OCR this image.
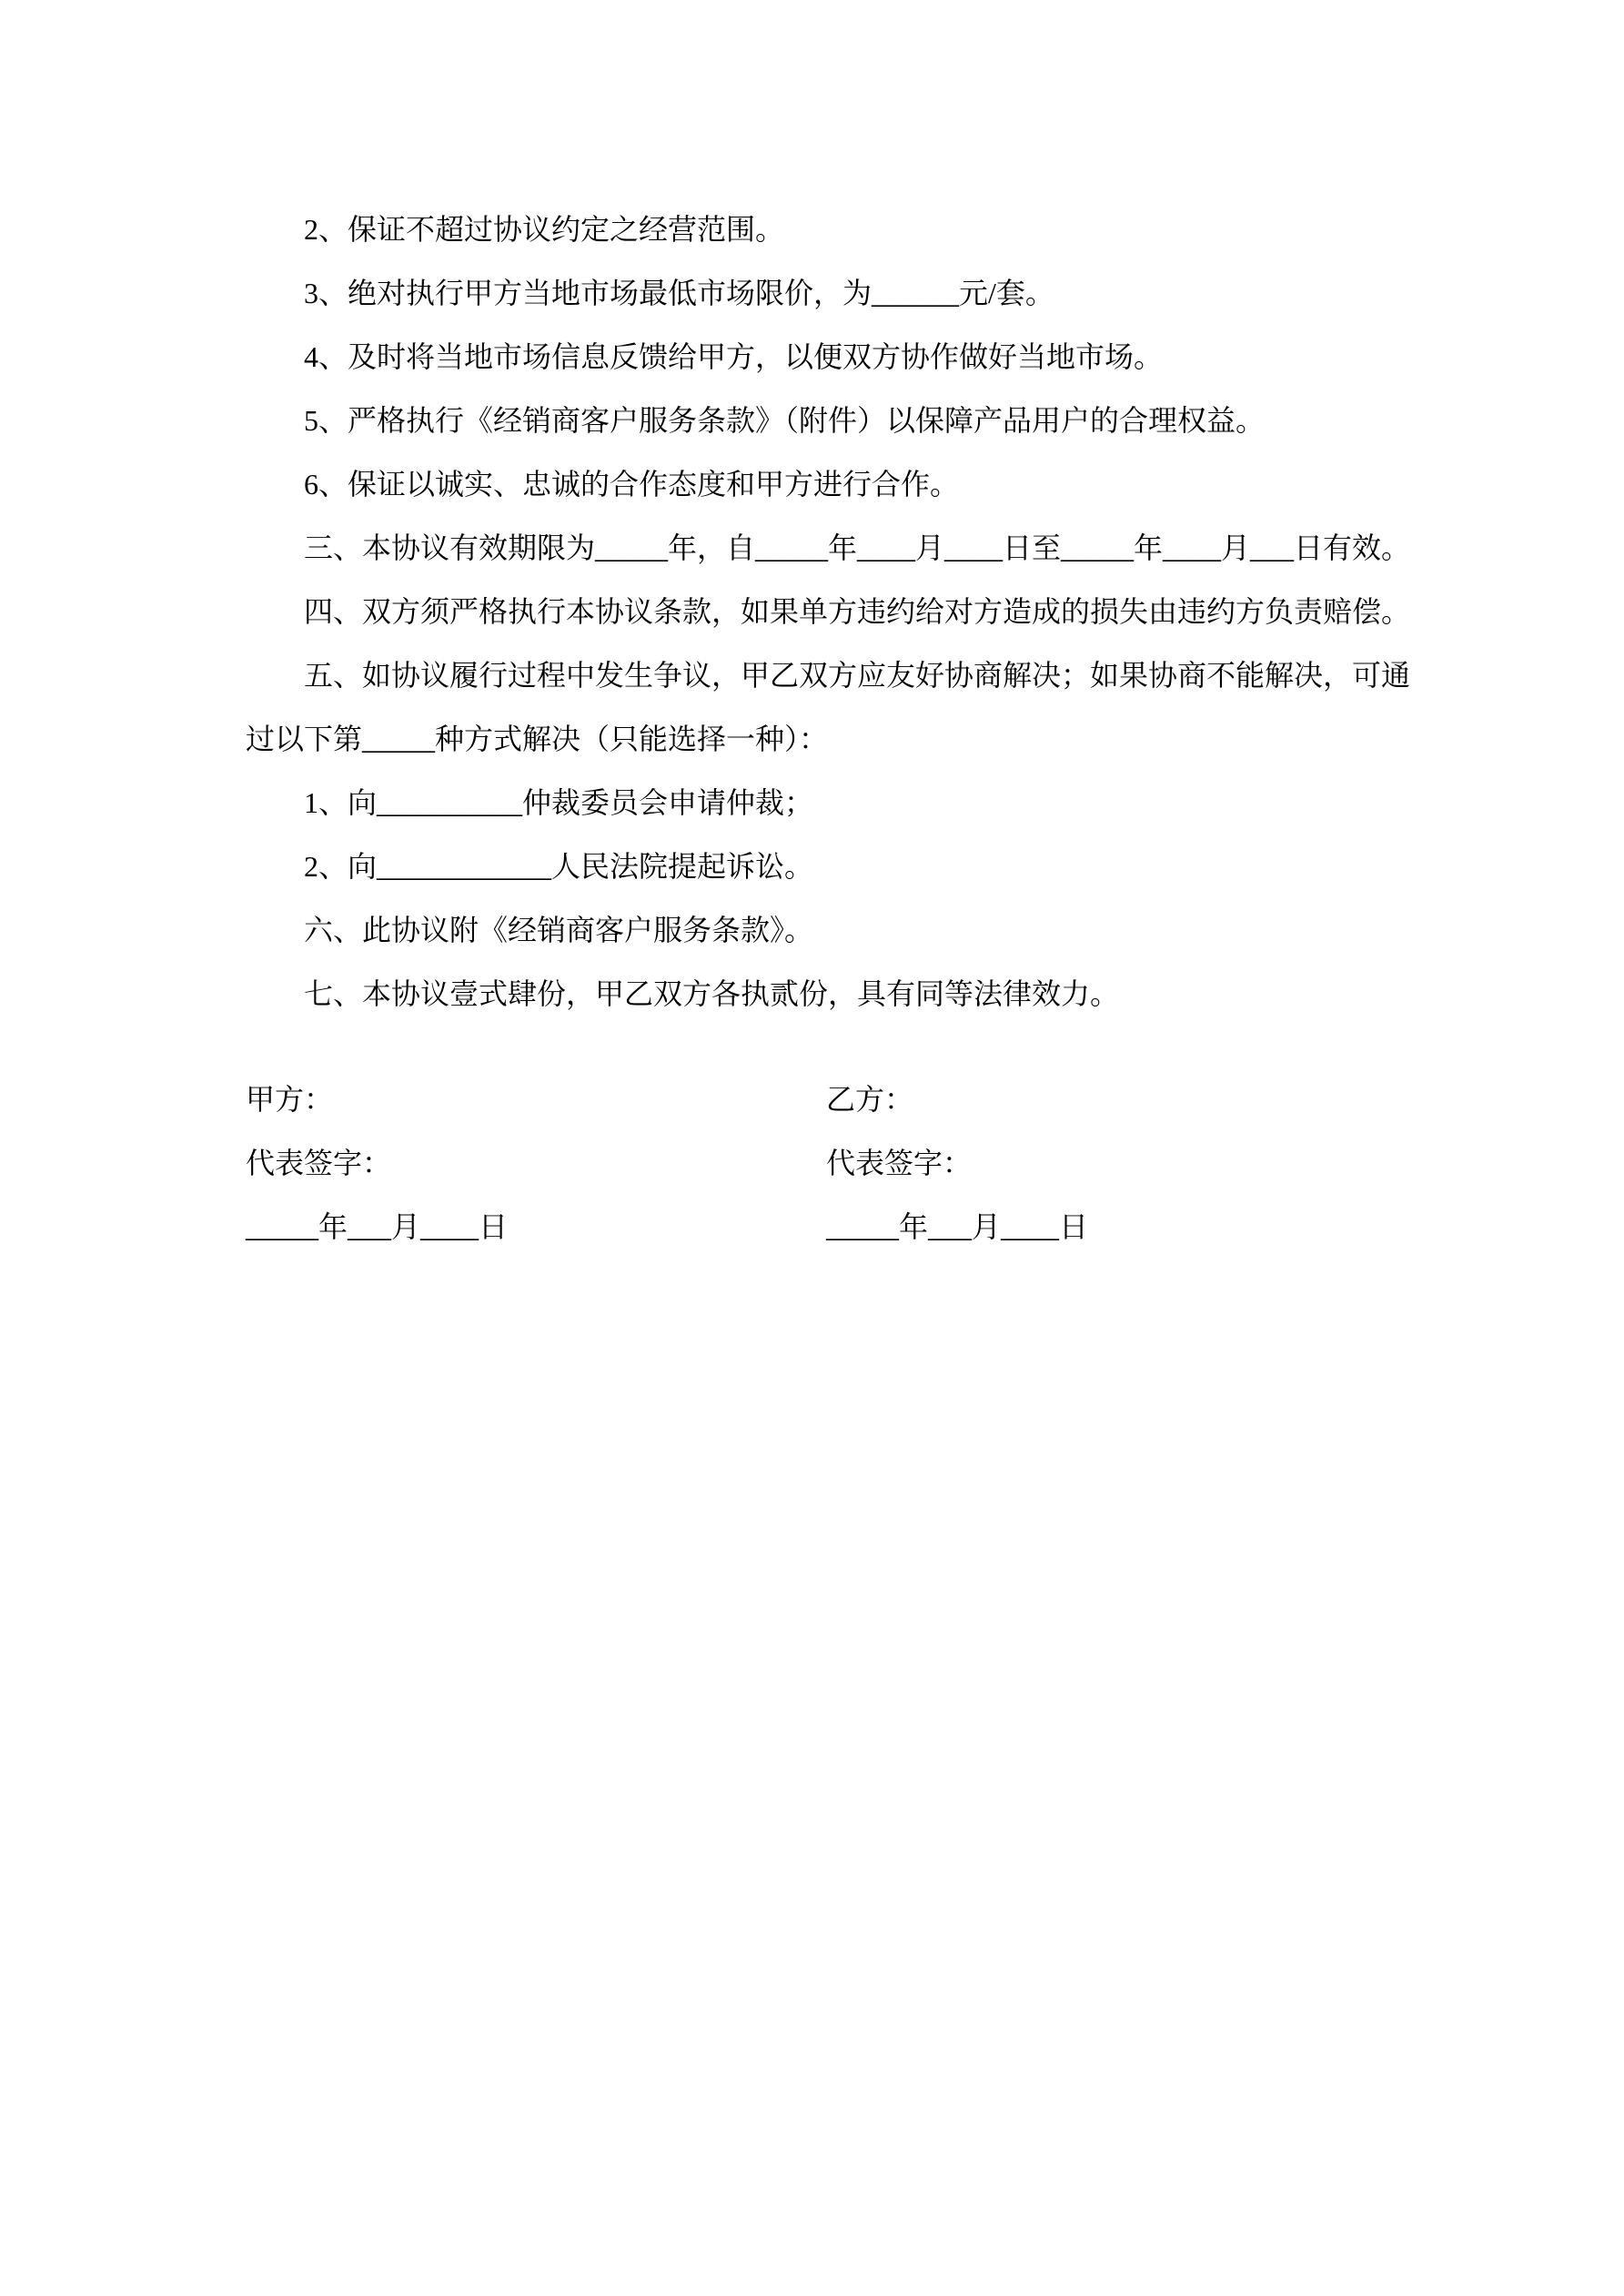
2、保证不超过协议约定之经营范围。

3、绝对执行甲方当地市场最低市场限价，为______元/套。

4、及时将当地市场信息反馈给甲方，以便双方协作做好当地市场。

5、严格执行《经销商客户服务条款》（附件）以保障产品用户的合理权益。

6、保证以诚实、忠诚的合作态度和甲方进行合作。

三、本协议有效期限为_____年，自_____年____月____日至_____年____月___日有效。

四、双方须严格执行本协议条款，如果单方违约给对方造成的损失由违约方负责赔偿。

五、如协议履行过程中发生争议，甲乙双方应友好协商解决；如果协商不能解决，可通

过以下第_____种方式解决（只能选择一种）：

1、向__________仲裁委员会申请仲裁；

2、向____________人民法院提起诉讼。

六、此协议附《经销商客户服务条款》。

七、本协议壹式肆份，甲乙双方各执贰份，具有同等法律效力。

甲方：

代表签字：

_____年___月____日

乙方：

代表签字：

_____年___月____日
